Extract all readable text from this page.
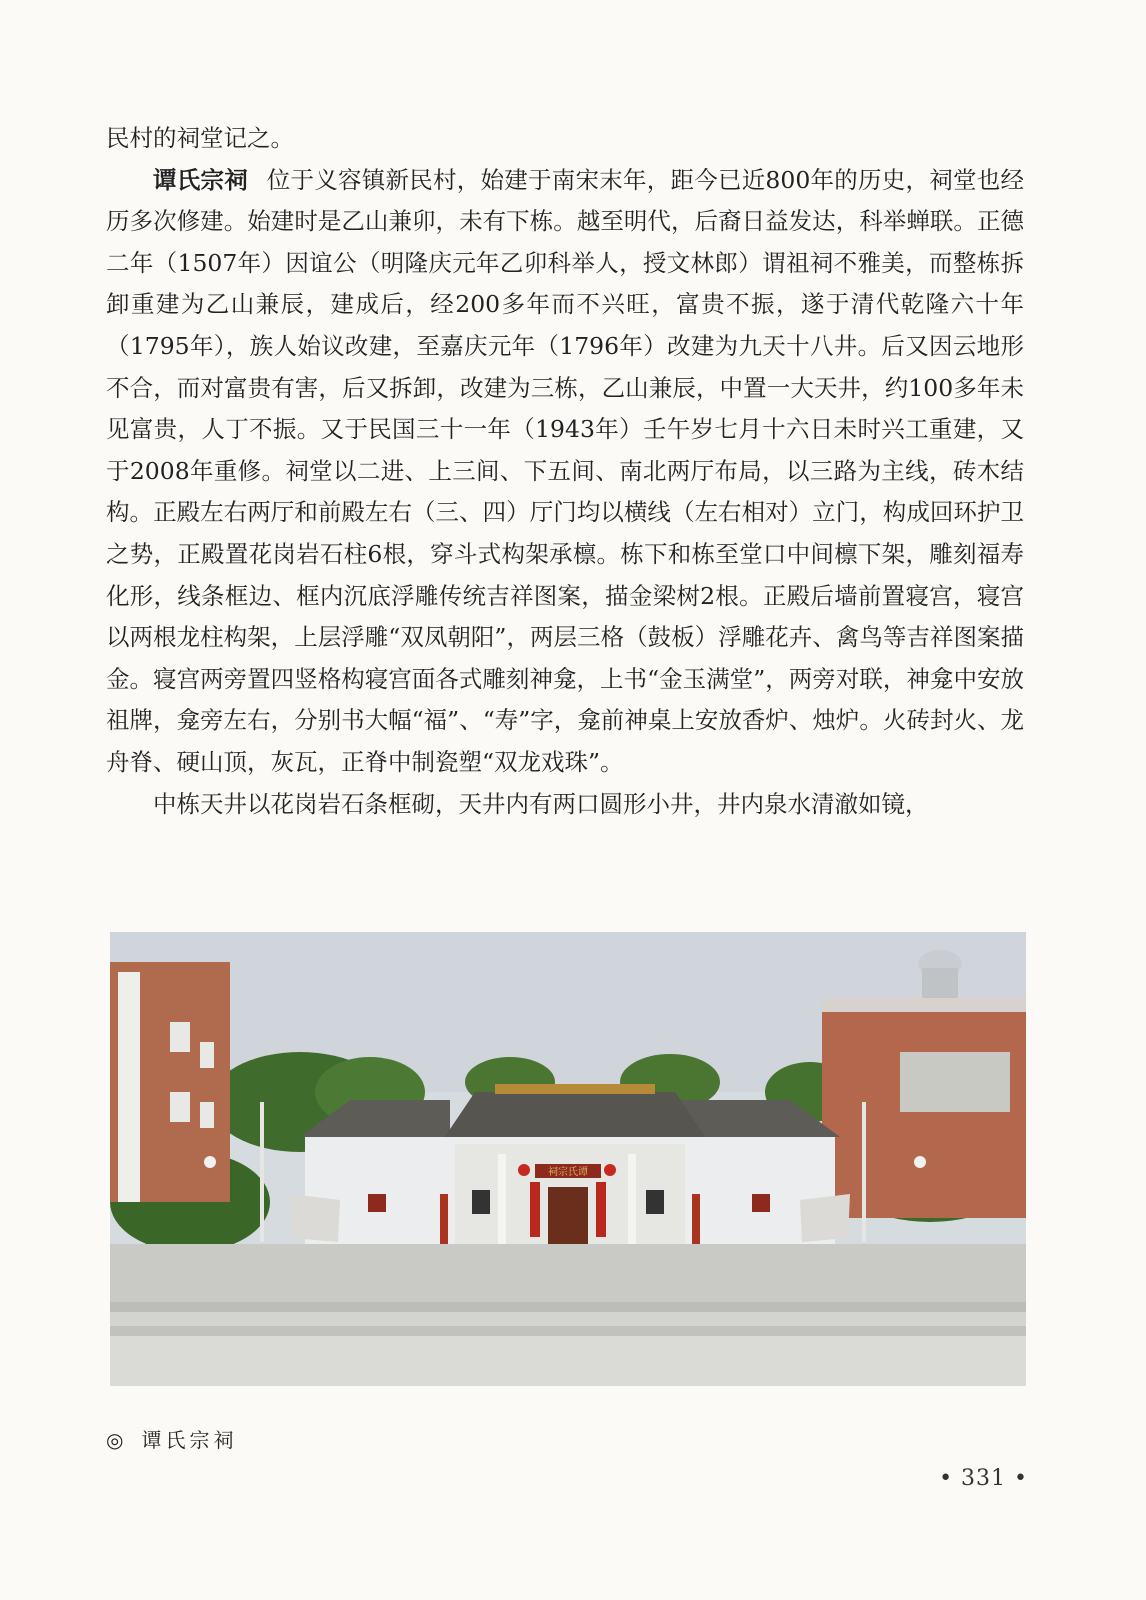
民村的祠堂记之。

谭氏宗祠 位于义容镇新民村，始建于南宋末年，距今已近800年的历史，祠堂也经历多次修建。始建时是乙山兼卯，未有下栋。越至明代，后裔日益发达，科举蝉联。正德二年（1507年）因谊公（明隆庆元年乙卯科举人，授文林郎）谓祖祠不雅美，而整栋拆卸重建为乙山兼辰，建成后，经200多年而不兴旺，富贵不振，遂于清代乾隆六十年（1795年），族人始议改建，至嘉庆元年（1796年）改建为九天十八井。后又因云地形不合，而对富贵有害，后又拆卸，改建为三栋，乙山兼辰，中置一大天井，约100多年未见富贵，人丁不振。又于民国三十一年（1943年）壬午岁七月十六日未时兴工重建，又于2008年重修。祠堂以二进、上三间、下五间、南北两厅布局，以三路为主线，砖木结构。正殿左右两厅和前殿左右（三、四）厅门均以横线（左右相对）立门，构成回环护卫之势，正殿置花岗岩石柱6根，穿斗式构架承檩。栋下和栋至堂口中间檩下架，雕刻福寿化形，线条框边、框内沉底浮雕传统吉祥图案，描金梁树2根。正殿后墙前置寝宫，寝宫以两根龙柱构架，上层浮雕“双凤朝阳”，两层三格（鼓板）浮雕花卉、禽鸟等吉祥图案描金。寝宫两旁置四竖格构寝宫面各式雕刻神龛，上书“金玉满堂”，两旁对联，神龛中安放祖牌，龛旁左右，分别书大幅“福”、“寿”字，龛前神桌上安放香炉、烛炉。火砖封火、龙舟脊、硬山顶，灰瓦，正脊中制瓷塑“双龙戏珠”。

中栋天井以花岗岩石条框砌，天井内有两口圆形小井，井内泉水清澈如镜，

祠宗氏谭
◎ 谭氏宗祠
• 331 •
